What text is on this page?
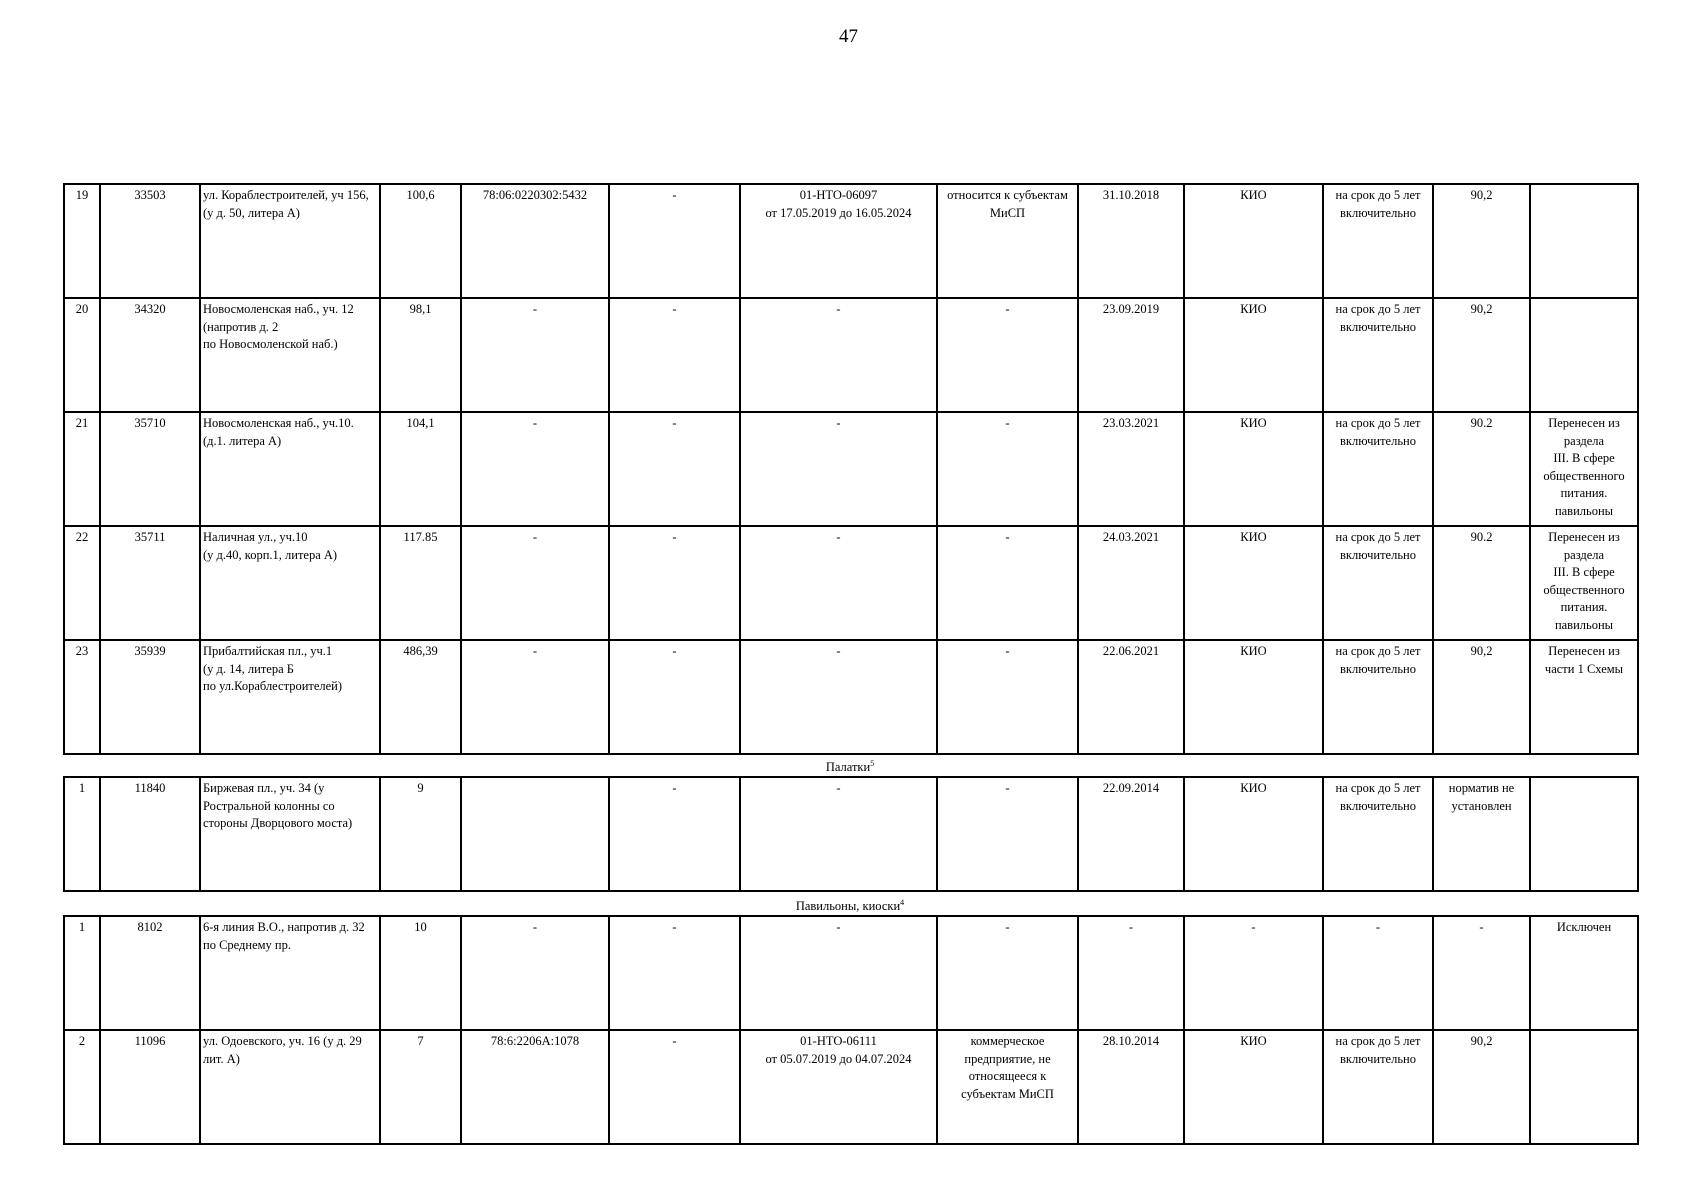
47
19	33503	ул. Кораблестроителей, уч 156, (у д. 50, литера А)	100,6	78:06:0220302:5432	-	01-НТО-06097
от 17.05.2019 до 16.05.2024	относится к субъектам МиСП	31.10.2018	КИО	на срок до 5 лет включительно	90,2	
20	34320	Новосмоленская наб., уч. 12
(напротив д. 2
по Новосмоленской наб.)	98,1	-	-	-	-	23.09.2019	КИО	на срок до 5 лет включительно	90,2	
21	35710	Новосмоленская наб., уч.10.
(д.1. литера А)	104,1	-	-	-	-	23.03.2021	КИО	на срок до 5 лет включительно	90.2	Перенесен из раздела
III. В сфере общественного питания. павильоны
22	35711	Наличная ул., уч.10
(у д.40, корп.1, литера А)	117.85	-	-	-	-	24.03.2021	КИО	на срок до 5 лет включительно	90.2	Перенесен из раздела
III. В сфере общественного питания. павильоны
23	35939	Прибалтийская пл., уч.1
(у д. 14, литера Б
по ул.Кораблестроителей)	486,39	-	-	-	-	22.06.2021	КИО	на срок до 5 лет включительно	90,2	Перенесен из части 1 Схемы
Палатки$^5$
1	11840	Биржевая пл., уч. 34 (у Ростральной колонны со стороны Дворцового моста)	9		-	-	-	22.09.2014	КИО	на срок до 5 лет включительно	норматив не установлен	
Павильоны, киоски$^4$
1	8102	6-я линия В.О., напротив д. 32 по Среднему пр.	10	-	-	-	-	-	-	-	-	Исключен
2	11096	ул. Одоевского, уч. 16 (у д. 29 лит. А)	7	78:6:2206А:1078	-	01-НТО-06111
от 05.07.2019 до 04.07.2024	коммерческое предприятие, не относящееся к субъектам МиСП	28.10.2014	КИО	на срок до 5 лет включительно	90,2	
